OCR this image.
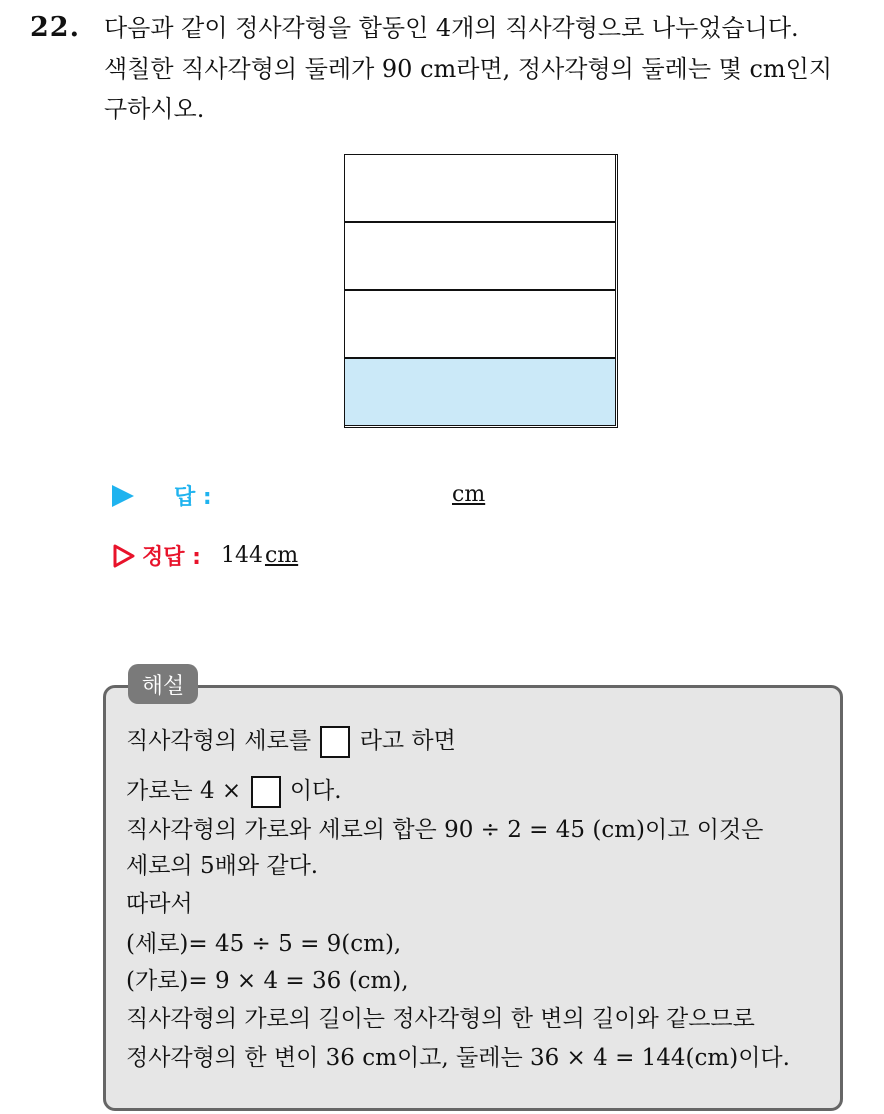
22. 다음과 같이 정사각형을 합동인 4개의 직사각형으로 나누었습니다.
색칠한 직사각형의 둘레가 90 cm라면, 정사각형의 둘레는 몇 cm인지
구하시오.
답 :	cm
정답 : 144 cm
해설
직사각형의 세로를 라고 하면
가로는 4 × 이다.
직사각형의 가로와 세로의 합은 90 ÷ 2 = 45 (cm)이고 이것은
세로의 5배와 같다.
따라서
(세로)= 45 ÷ 5 = 9(cm),
(가로)= 9 × 4 = 36 (cm),
직사각형의 가로의 길이는 정사각형의 한 변의 길이와 같으므로
정사각형의 한 변이 36 cm이고, 둘레는 36 × 4 = 144(cm)이다.
